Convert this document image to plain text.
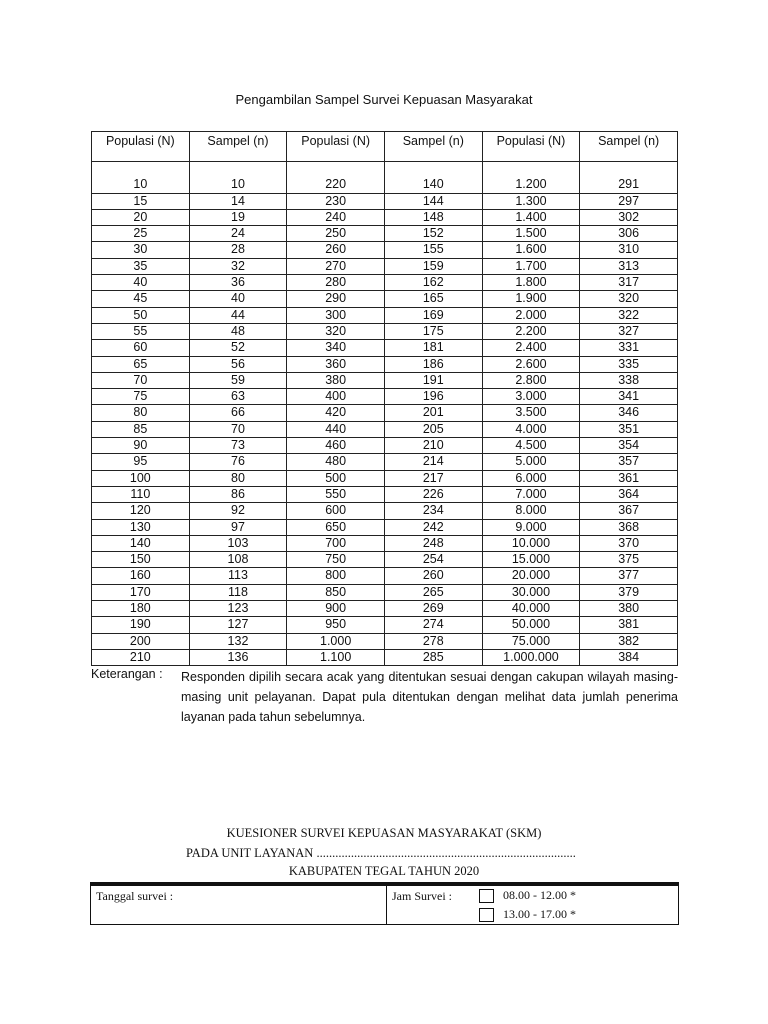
Pengambilan Sampel Survei Kepuasan Masyarakat
Populasi (N)	Sampel (n)	Populasi (N)	Sampel (n)	Populasi (N)	Sampel (n)

10	10	220	140	1.200	291
15	14	230	144	1.300	297
20	19	240	148	1.400	302
25	24	250	152	1.500	306
30	28	260	155	1.600	310
35	32	270	159	1.700	313
40	36	280	162	1.800	317
45	40	290	165	1.900	320
50	44	300	169	2.000	322
55	48	320	175	2.200	327
60	52	340	181	2.400	331
65	56	360	186	2.600	335
70	59	380	191	2.800	338
75	63	400	196	3.000	341
80	66	420	201	3.500	346
85	70	440	205	4.000	351
90	73	460	210	4.500	354
95	76	480	214	5.000	357
100	80	500	217	6.000	361
110	86	550	226	7.000	364
120	92	600	234	8.000	367
130	97	650	242	9.000	368
140	103	700	248	10.000	370
150	108	750	254	15.000	375
160	113	800	260	20.000	377
170	118	850	265	30.000	379
180	123	900	269	40.000	380
190	127	950	274	50.000	381
200	132	1.000	278	75.000	382
210	136	1.100	285	1.000.000	384
Keterangan : Responden dipilih secara acak yang ditentukan sesuai dengan cakupan wilayah masing-masing unit pelayanan. Dapat pula ditentukan dengan melihat data jumlah penerima layanan pada tahun sebelumnya.
KUESIONER SURVEI KEPUASAN MASYARAKAT (SKM)
PADA UNIT LAYANAN ...................................................................................
KABUPATEN TEGAL TAHUN 2020
Tanggal survei :	Jam Survei :	08.00 - 12.00 *
13.00 - 17.00 *
